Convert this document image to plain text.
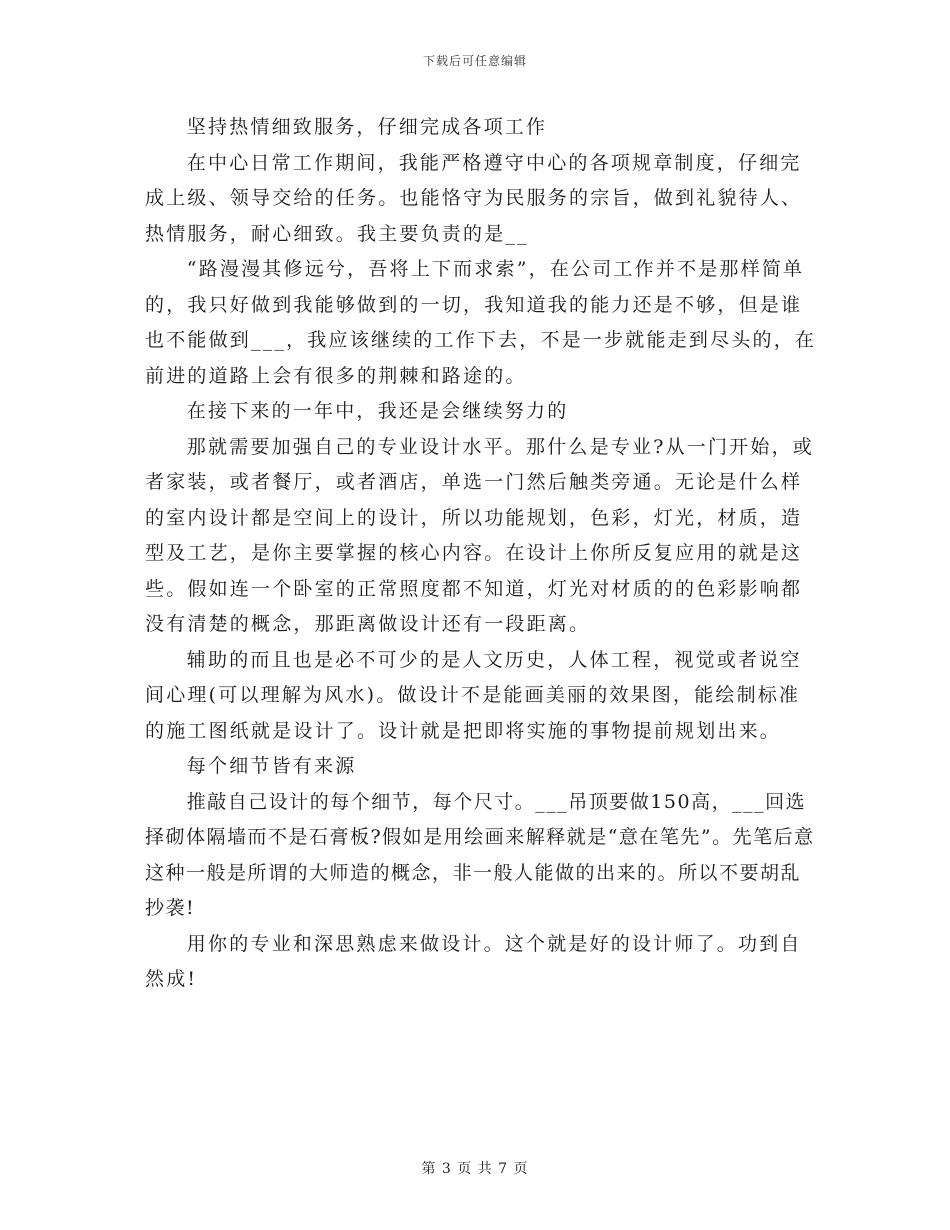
下载后可任意编辑

坚持热情细致服务，仔细完成各项工作

在中心日常工作期间，我能严格遵守中心的各项规章制度，仔细完成上级、领导交给的任务。也能恪守为民服务的宗旨，做到礼貌待人、热情服务，耐心细致。我主要负责的是__

“路漫漫其修远兮，吾将上下而求索”，在公司工作并不是那样简单的，我只好做到我能够做到的一切，我知道我的能力还是不够，但是谁也不能做到___，我应该继续的工作下去，不是一步就能走到尽头的，在前进的道路上会有很多的荆棘和路途的。

在接下来的一年中，我还是会继续努力的

那就需要加强自己的专业设计水平。那什么是专业?从一门开始，或者家装，或者餐厅，或者酒店，单选一门然后触类旁通。无论是什么样的室内设计都是空间上的设计，所以功能规划，色彩，灯光，材质，造型及工艺，是你主要掌握的核心内容。在设计上你所反复应用的就是这些。假如连一个卧室的正常照度都不知道，灯光对材质的的色彩影响都没有清楚的概念，那距离做设计还有一段距离。

辅助的而且也是必不可少的是人文历史，人体工程，视觉或者说空间心理(可以理解为风水)。做设计不是能画美丽的效果图，能绘制标准的施工图纸就是设计了。设计就是把即将实施的事物提前规划出来。

每个细节皆有来源

推敲自己设计的每个细节，每个尺寸。___吊顶要做150高，___回选择砌体隔墙而不是石膏板?假如是用绘画来解释就是“意在笔先”。先笔后意这种一般是所谓的大师造的概念，非一般人能做的出来的。所以不要胡乱抄袭!

用你的专业和深思熟虑来做设计。这个就是好的设计师了。功到自然成!

第 3 页 共 7 页
